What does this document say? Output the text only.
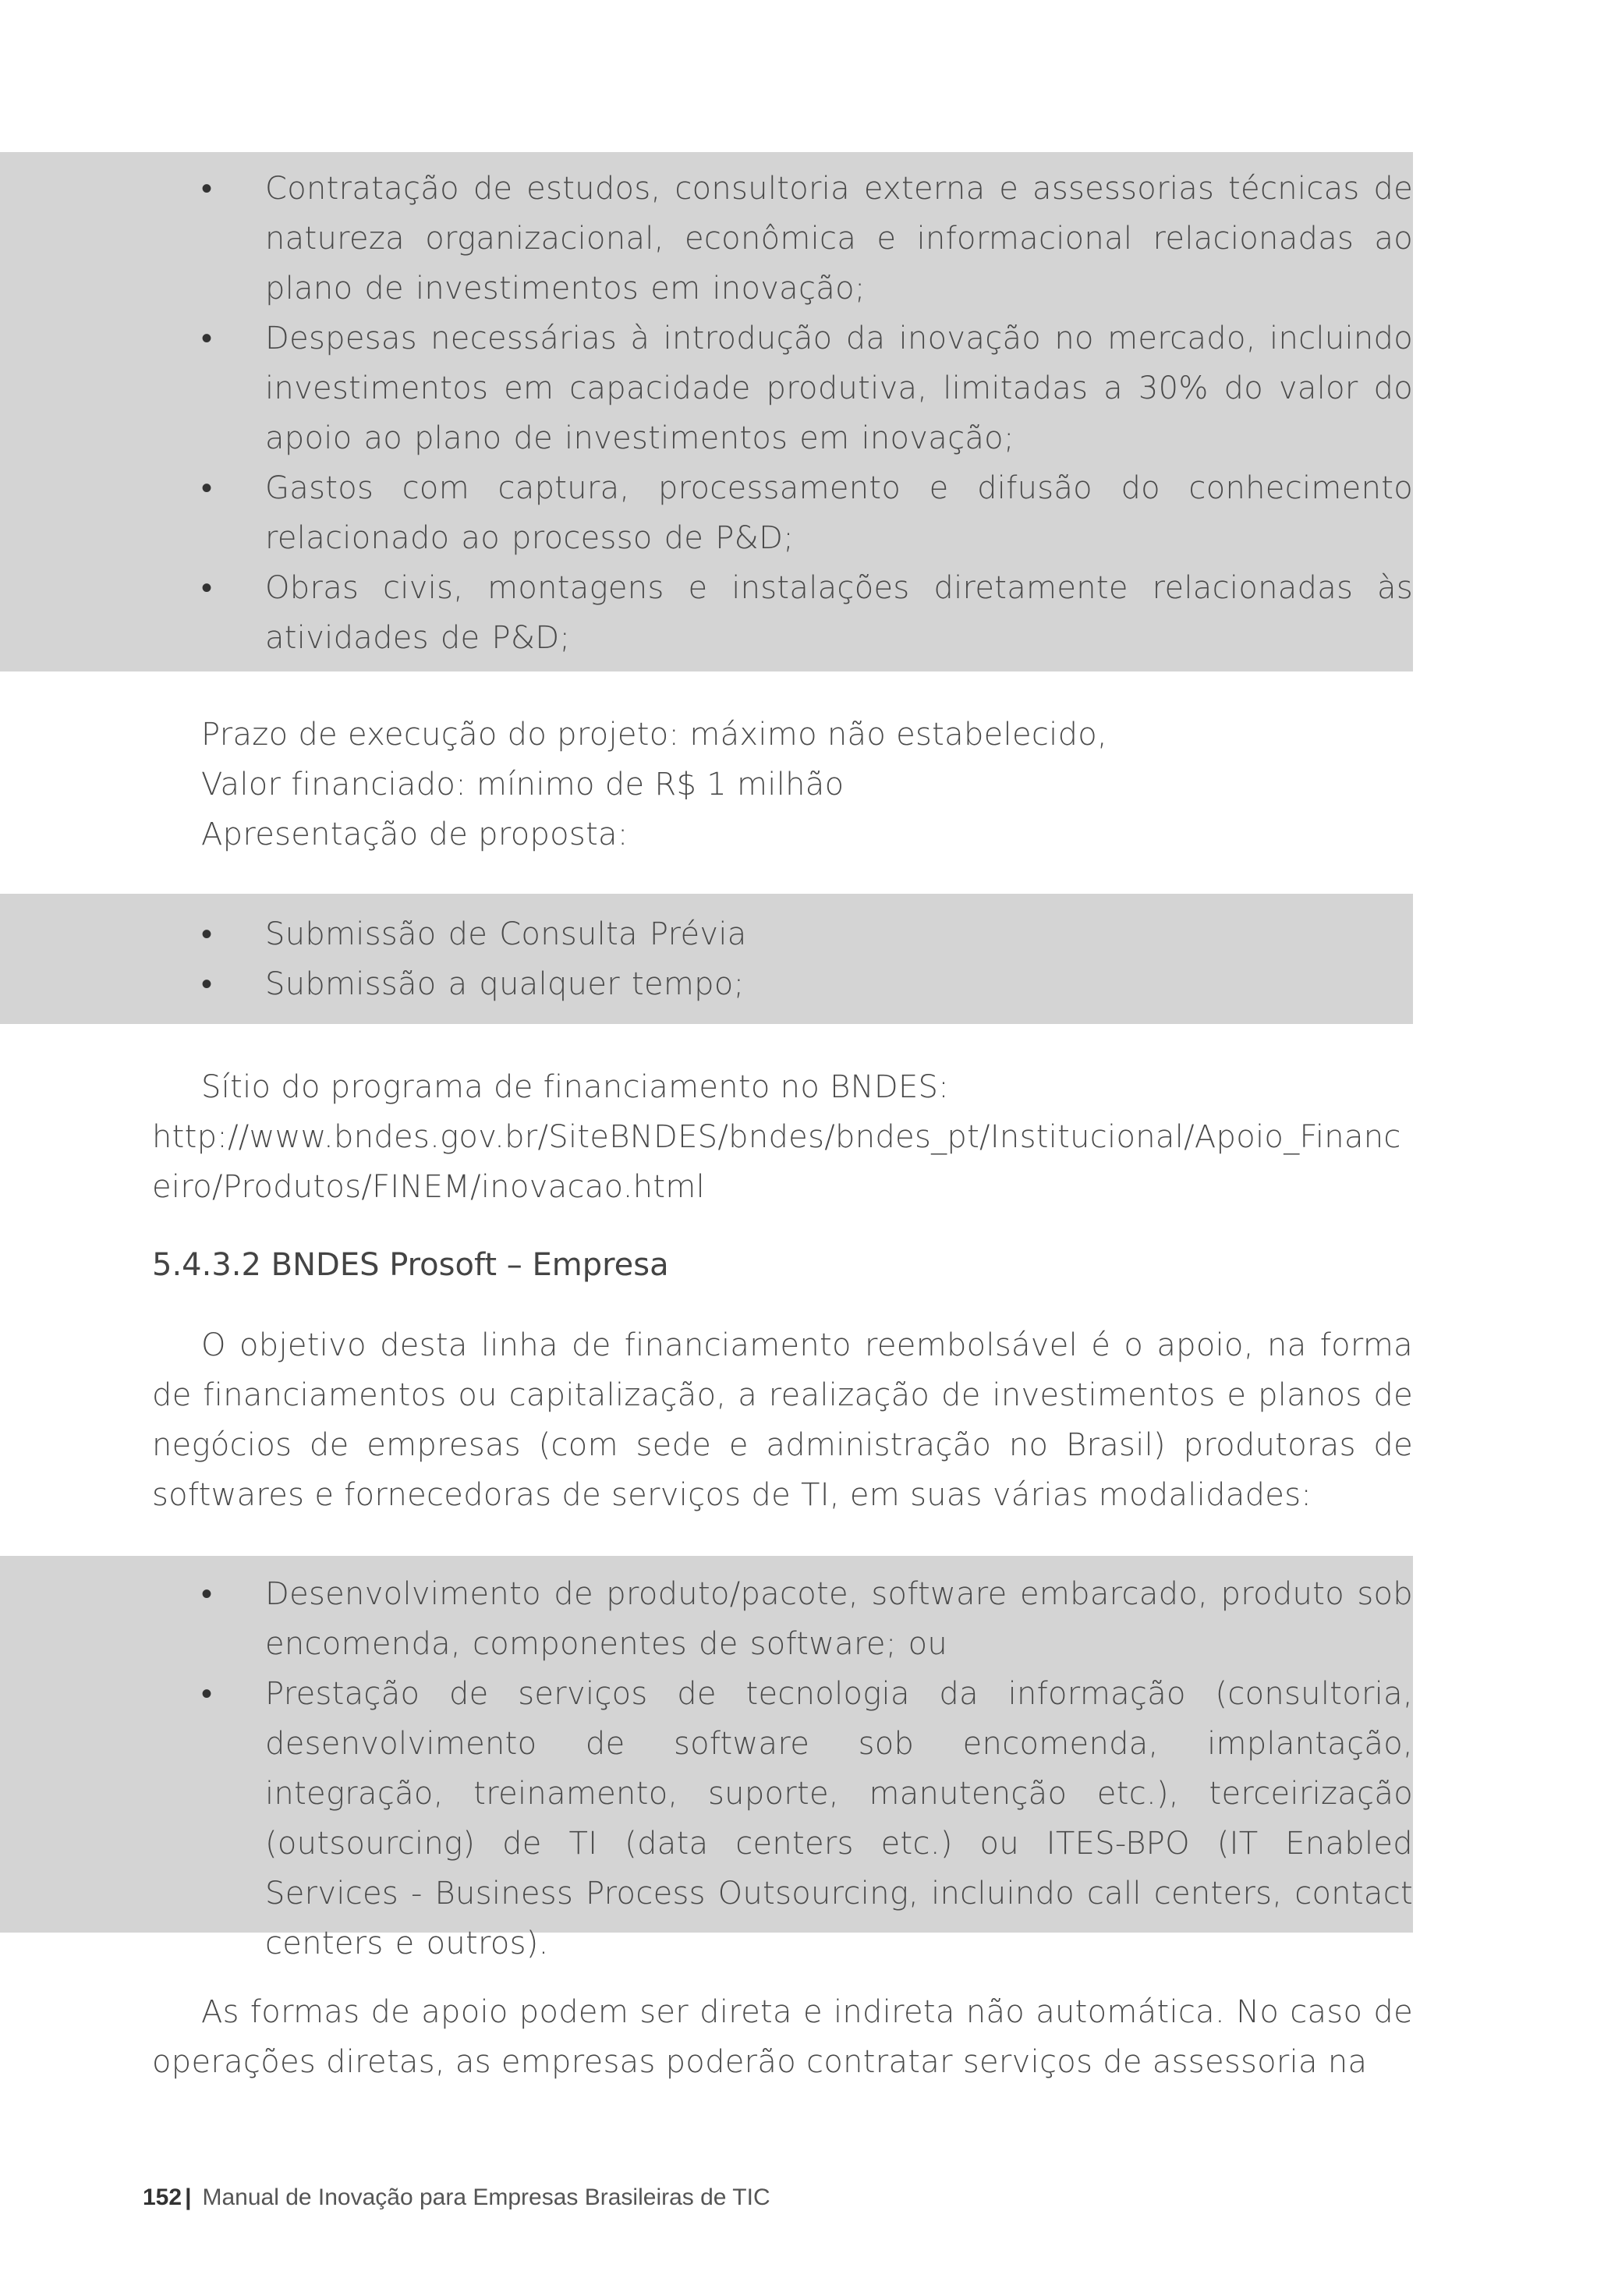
• Contratação de estudos, consultoria externa e assessorias técnicas de natureza organizacional, econômica e informacional relacionadas ao plano de investimentos em inovação;
• Despesas necessárias à introdução da inovação no mercado, incluindo investimentos em capacidade produtiva, limitadas a 30% do valor do apoio ao plano de investimentos em inovação;
• Gastos com captura, processamento e difusão do conhecimento relacionado ao processo de P&D;
• Obras civis, montagens e instalações diretamente relacionadas às atividades de P&D;

Prazo de execução do projeto: máximo não estabelecido,

Valor financiado: mínimo de R$ 1 milhão

Apresentação de proposta:

• Submissão de Consulta Prévia
• Submissão a qualquer tempo;

Sítio do programa de financiamento no BNDES:

http://www.bndes.gov.br/SiteBNDES/bndes/bndes_pt/Institucional/Apoio_Financeiro/Produtos/FINEM/inovacao.html

5.4.3.2 BNDES Prosoft – Empresa

O objetivo desta linha de financiamento reembolsável é o apoio, na forma de financiamentos ou capitalização, a realização de investimentos e planos de negócios de empresas (com sede e administração no Brasil) produtoras de softwares e fornecedoras de serviços de TI, em suas várias modalidades:

• Desenvolvimento de produto/pacote, software embarcado, produto sob encomenda, componentes de software; ou
• Prestação de serviços de tecnologia da informação (consultoria, desenvolvimento de software sob encomenda, implantação, integração, treinamento, suporte, manutenção etc.), terceirização (outsourcing) de TI (data centers etc.) ou ITES-BPO (IT Enabled Services - Business Process Outsourcing, incluindo call centers, contact centers e outros).

As formas de apoio podem ser direta e indireta não automática. No caso de operações diretas, as empresas poderão contratar serviços de assessoria na

152 | Manual de Inovação para Empresas Brasileiras de TIC
